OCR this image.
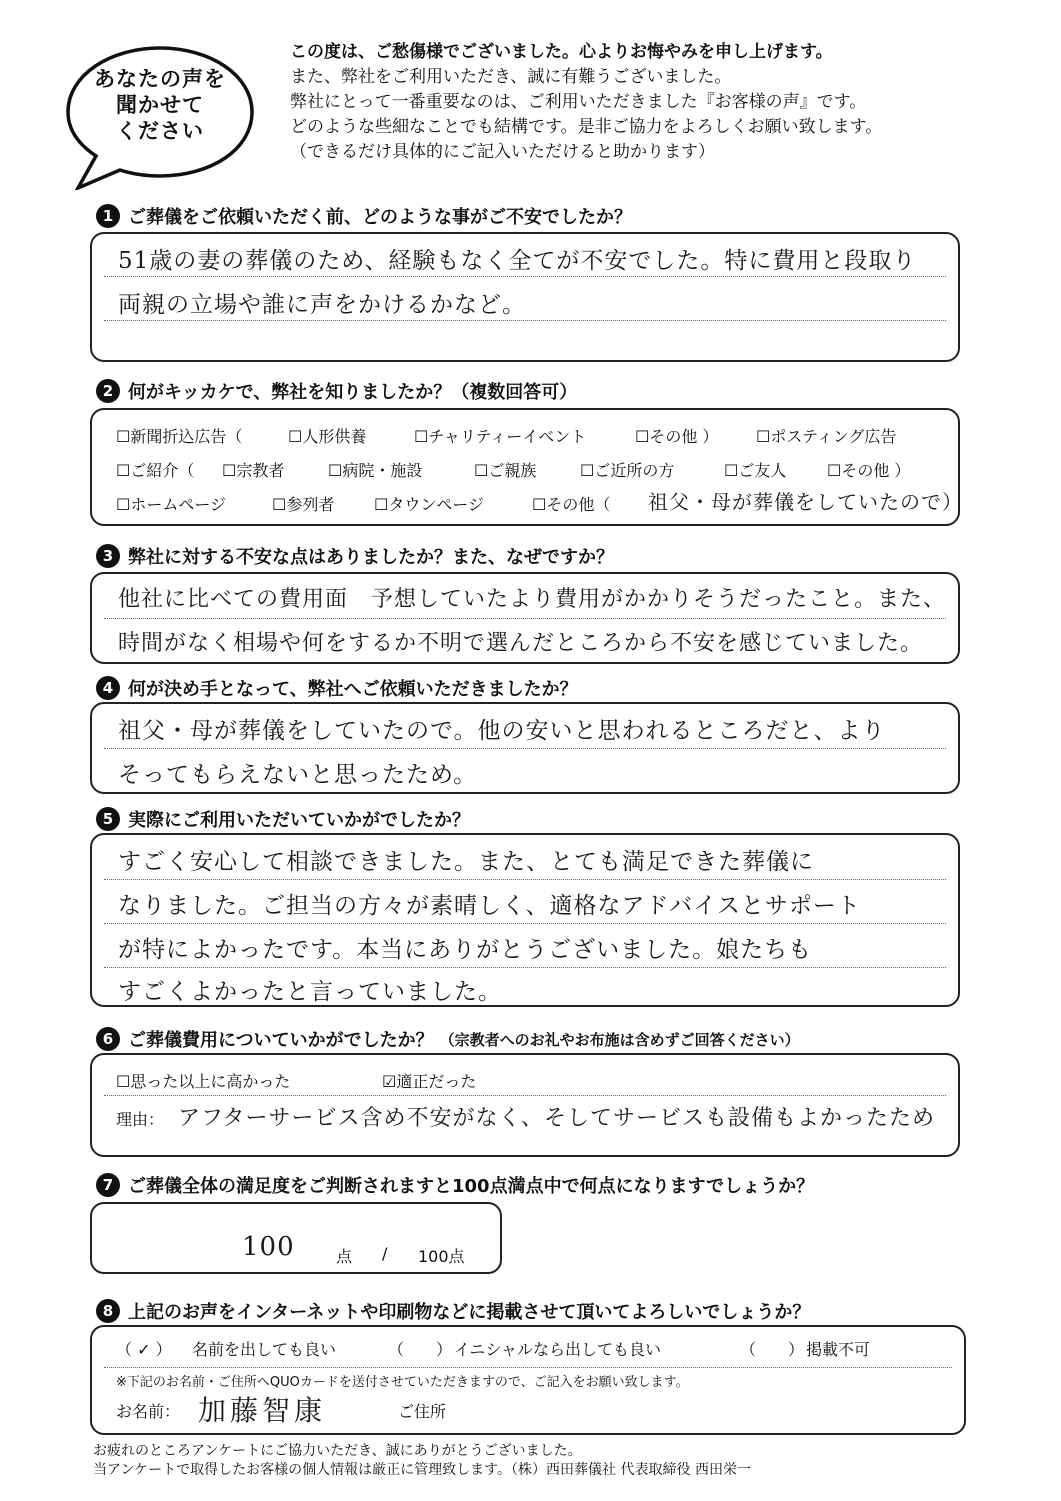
あなたの声を
聞かせて
ください
この度は、ご愁傷様でございました。心よりお悔やみを申し上げます。
また、弊社をご利用いただき、誠に有難うございました。
弊社にとって一番重要なのは、ご利用いただきました『お客様の声』です。
どのような些細なことでも結構です。是非ご協力をよろしくお願い致します。
（できるだけ具体的にご記入いただけると助かります）
1 ご葬儀をご依頼いただく前、どのような事がご不安でしたか？
51歳の妻の葬儀のため、経験もなく全てが不安でした。特に費用と段取り
両親の立場や誰に声をかけるかなど。
2 何がキッカケで、弊社を知りましたか？（複数回答可）
☐新聞折込広告（	☐人形供養	☐チャリティーイベント	☐その他 ） ☐ポスティング広告
☐ご紹介（ ☐宗教者	☐病院・施設	☐ご親族	☐ご近所の方	☐ご友人	☐その他 ）
☐ホームページ	☐参列者 ☐タウンページ	☐その他（ 祖父・母が葬儀をしていたので）
3 弊社に対する不安な点はありましたか？また、なぜですか？
他社に比べての費用面　予想していたより費用がかかりそうだったこと。また、
時間がなく相場や何をするか不明で選んだところから不安を感じていました。
4 何が決め手となって、弊社へご依頼いただきましたか？
祖父・母が葬儀をしていたので。他の安いと思われるところだと、より
そってもらえないと思ったため。
5 実際にご利用いただいていかがでしたか？
すごく安心して相談できました。また、とても満足できた葬儀に
なりました。ご担当の方々が素晴しく、適格なアドバイスとサポート
が特によかったです。本当にありがとうございました。娘たちも
すごくよかったと言っていました。
6 ご葬儀費用についていかがでしたか？ （宗教者へのお礼やお布施は含めずご回答ください）
☐思った以上に高かった	☑適正だった
理由： アフターサービス含め不安がなく、そしてサービスも設備もよかったため
7 ご葬儀全体の満足度をご判断されますと100点満点中で何点になりますでしょうか？
100	点 / 100点
8 上記のお声をインターネットや印刷物などに掲載させて頂いてよろしいでしょうか？
（ ✓ ） 名前を出しても良い	（　　） イニシャルなら出しても良い	（　　） 掲載不可
※下記のお名前・ご住所へQUOカードを送付させていただきますので、ご記入をお願い致します。
お名前： 加藤智康	ご住所
お疲れのところアンケートにご協力いただき、誠にありがとうございました。
当アンケートで取得したお客様の個人情報は厳正に管理致します。（株）西田葬儀社 代表取締役 西田栄一
